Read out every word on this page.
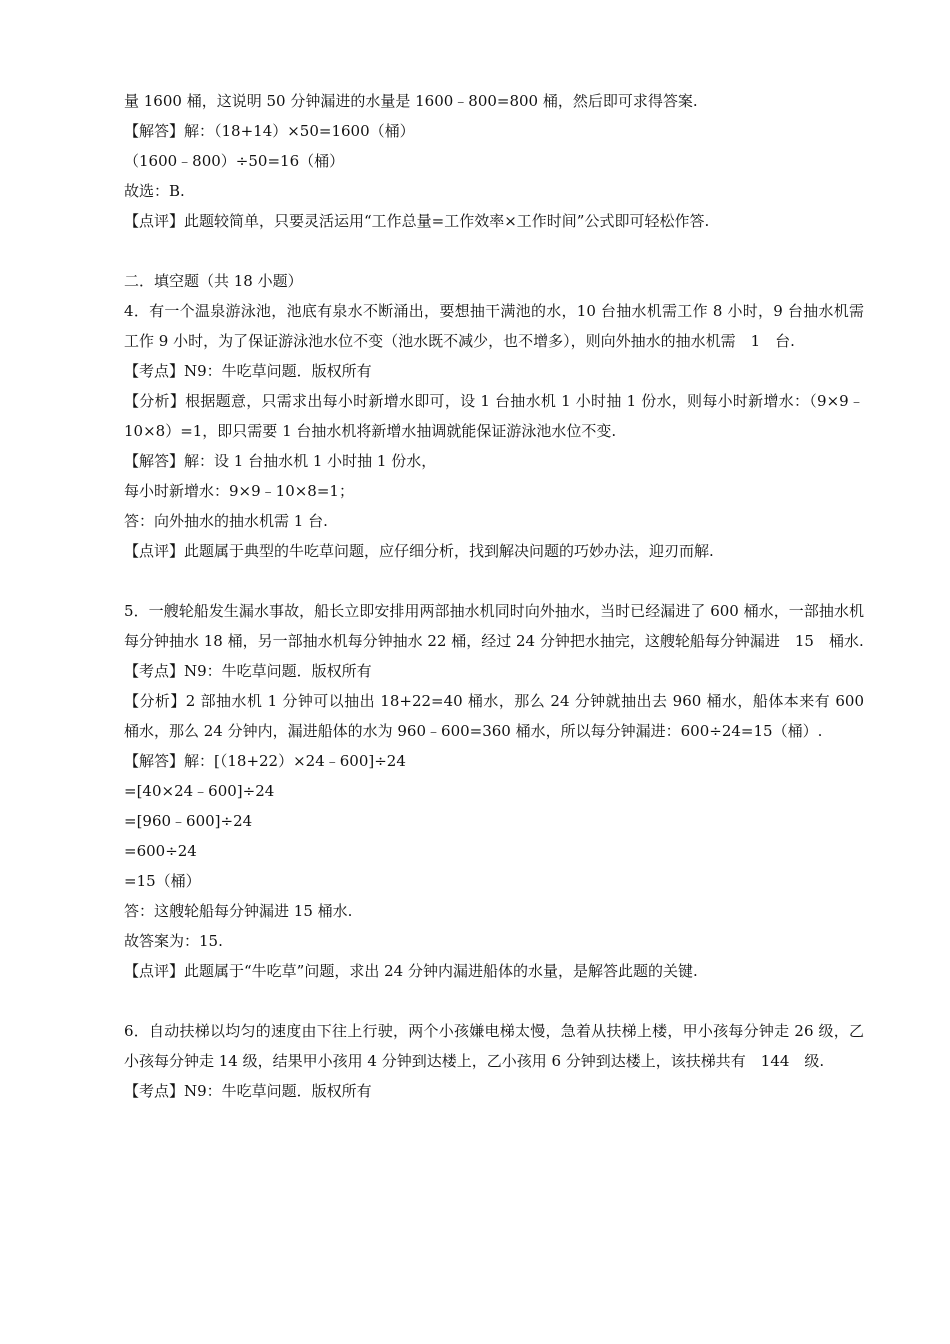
量 1600 桶，这说明 50 分钟漏进的水量是 1600﹣800=800 桶，然后即可求得答案.
【解答】解：（18+14）×50=1600（桶）
（1600﹣800）÷50=16（桶）
故选：B.
【点评】此题较简单，只要灵活运用“工作总量=工作效率×工作时间”公式即可轻松作答.
二．填空题（共 18 小题）
4．有一个温泉游泳池，池底有泉水不断涌出，要想抽干满池的水，10 台抽水机需工作 8 小时，9 台抽水机需工作 9 小时，为了保证游泳池水位不变（池水既不减少，也不增多），则向外抽水的抽水机需　1　台.
【考点】N9：牛吃草问题．版权所有
【分析】根据题意，只需求出每小时新增水即可，设 1 台抽水机 1 小时抽 1 份水，则每小时新增水：（9×9﹣10×8）=1，即只需要 1 台抽水机将新增水抽调就能保证游泳池水位不变.
【解答】解：设 1 台抽水机 1 小时抽 1 份水，
每小时新增水：9×9﹣10×8=1；
答：向外抽水的抽水机需 1 台.
【点评】此题属于典型的牛吃草问题，应仔细分析，找到解决问题的巧妙办法，迎刃而解.
5．一艘轮船发生漏水事故，船长立即安排用两部抽水机同时向外抽水，当时已经漏进了 600 桶水，一部抽水机每分钟抽水 18 桶，另一部抽水机每分钟抽水 22 桶，经过 24 分钟把水抽完，这艘轮船每分钟漏进　15　桶水.
【考点】N9：牛吃草问题．版权所有
【分析】2 部抽水机 1 分钟可以抽出 18+22=40 桶水，那么 24 分钟就抽出去 960 桶水，船体本来有 600 桶水，那么 24 分钟内，漏进船体的水为 960﹣600=360 桶水，所以每分钟漏进：600÷24=15（桶）.
【解答】解：[（18+22）×24﹣600]÷24
=[40×24﹣600]÷24
=[960﹣600]÷24
=600÷24
=15（桶）
答：这艘轮船每分钟漏进 15 桶水.
故答案为：15.
【点评】此题属于“牛吃草”问题，求出 24 分钟内漏进船体的水量，是解答此题的关键.
6．自动扶梯以均匀的速度由下往上行驶，两个小孩嫌电梯太慢，急着从扶梯上楼，甲小孩每分钟走 26 级，乙小孩每分钟走 14 级，结果甲小孩用 4 分钟到达楼上，乙小孩用 6 分钟到达楼上，该扶梯共有　144　级.
【考点】N9：牛吃草问题．版权所有
